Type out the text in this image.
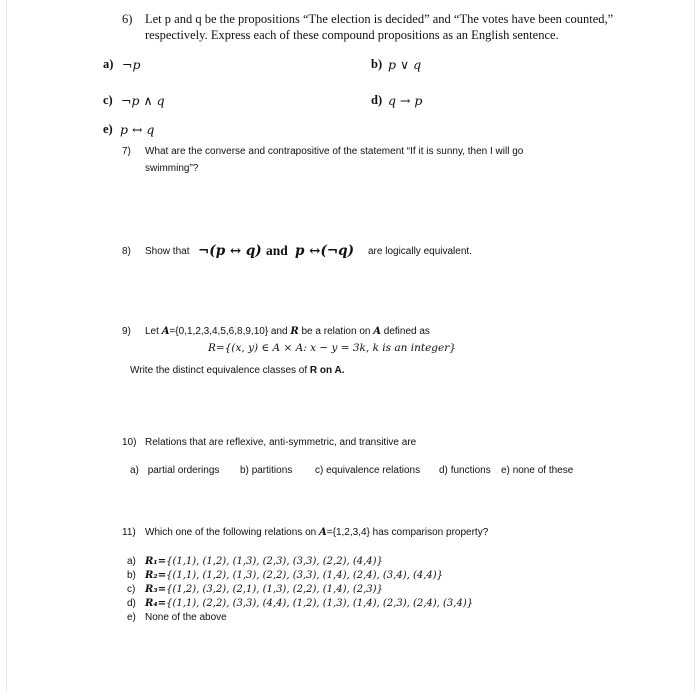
6) Let p and q be the propositions “The election is decided” and “The votes have been counted,”
respectively. Express each of these compound propositions as an English sentence.
a) ¬p	b) p ∨ q
c) ¬p ∧ q	d) q → p
e) p ↔ q
7) What are the converse and contrapositive of the statement “If it is sunny, then I will go
swimming”?
8) Show that ¬(p ↔ q) and p ↔(¬q) are logically equivalent.
9) Let A={0,1,2,3,4,5,6,8,9,10} and R be a relation on A defined as
R={(x, y) ∈ A × A: x − y = 3k, k is an integer}
Write the distinct equivalence classes of R on A.
10) Relations that are reflexive, anti-symmetric, and transitive are
a) partial orderings b) partitions c) equivalence relations d) functions e) none of these
11) Which one of the following relations on A={1,2,3,4} has comparison property?
a) R₁={(1,1), (1,2), (1,3), (2,3), (3,3), (2,2), (4,4)}
b) R₂={(1,1), (1,2), (1,3), (2,2), (3,3), (1,4), (2,4), (3,4), (4,4)}
c) R₃={(1,2), (3,2), (2,1), (1,3), (2,2), (1,4), (2,3)}
d) R₄={(1,1), (2,2), (3,3), (4,4), (1,2), (1,3), (1,4), (2,3), (2,4), (3,4)}
e) None of the above
